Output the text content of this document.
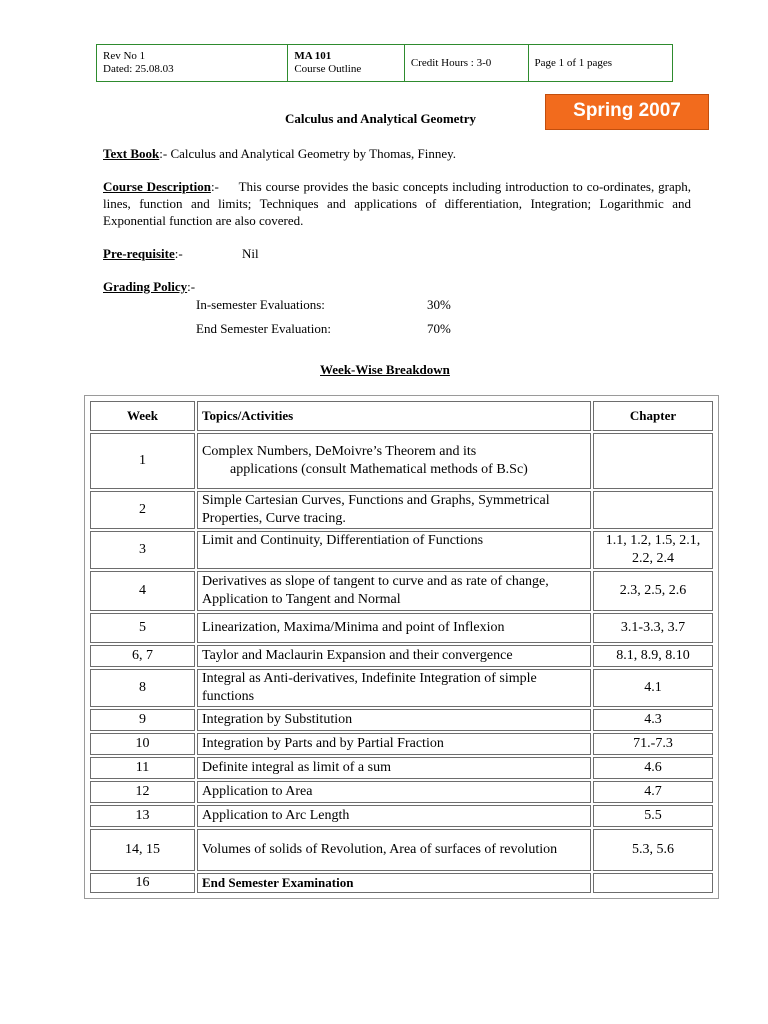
Rev No 1
Dated: 25.08.03
MA 101
Course Outline
Credit Hours : 3-0	Page 1 of 1 pages
Spring 2007
Calculus and Analytical Geometry
Text Book:- Calculus and Analytical Geometry by Thomas, Finney.
Course Description:- This course provides the basic concepts including introduction to co-ordinates, graph, lines, function and limits; Techniques and applications of differentiation, Integration; Logarithmic and Exponential function are also covered.
Pre-requisite:-	Nil
Grading Policy:-
In-semester Evaluations:	30%
End Semester Evaluation:	70%
Week-Wise Breakdown
Week	Topics/Activities	Chapter
1	Complex Numbers, DeMoivre’s Theorem and its
applications (consult Mathematical methods of B.Sc)	

2	Simple Cartesian Curves, Functions and Graphs, Symmetrical Properties, Curve tracing.	
3	Limit and Continuity, Differentiation of Functions	1.1, 1.2, 1.5, 2.1, 2.2, 2.4
4	Derivatives as slope of tangent to curve and as rate of change, Application to Tangent and Normal	2.3, 2.5, 2.6
5	Linearization, Maxima/Minima and point of Inflexion	3.1-3.3, 3.7
6, 7	Taylor and Maclaurin Expansion and their convergence	8.1, 8.9, 8.10
8	Integral as Anti-derivatives, Indefinite Integration of simple functions	4.1
9	Integration by Substitution	4.3
10	Integration by Parts and by Partial Fraction	71.-7.3
11	Definite integral as limit of a sum	4.6
12	Application to Area	4.7
13	Application to Arc Length	5.5
14, 15	Volumes of solids of Revolution, Area of surfaces of revolution	5.3, 5.6
16	End Semester Examination	
